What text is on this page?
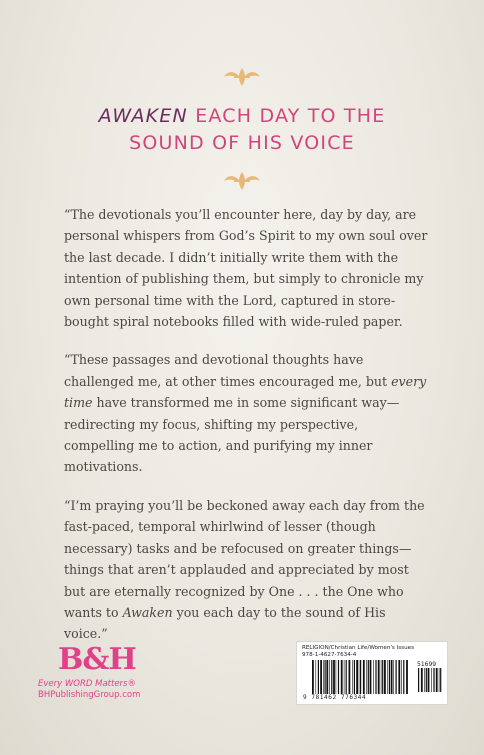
AWAKEN EACH DAY TO THE
SOUND OF HIS VOICE

“The devotionals you’ll encounter here, day by day, are personal whispers from God’s Spirit to my own soul over the last decade. I didn’t initially write them with the intention of publishing them, but simply to chronicle my own personal time with the Lord, captured in store-bought spiral notebooks filled with wide-ruled paper.

“These passages and devotional thoughts have challenged me, at other times encouraged me, but every time have transformed me in some significant way—redirecting my focus, shifting my perspective, compelling me to action, and purifying my inner motivations.

“I’m praying you’ll be beckoned away each day from the fast-paced, temporal whirlwind of lesser (though necessary) tasks and be refocused on greater things—things that aren’t applauded and appreciated by most but are eternally recognized by One . . . the One who wants to Awaken you each day to the sound of His voice.”

B&H
Every WORD Matters®
BHPublishingGroup.com
RELIGION/Christian Life/Women's Issues
978-1-4627-7634-4
51699
9 781462 776344
